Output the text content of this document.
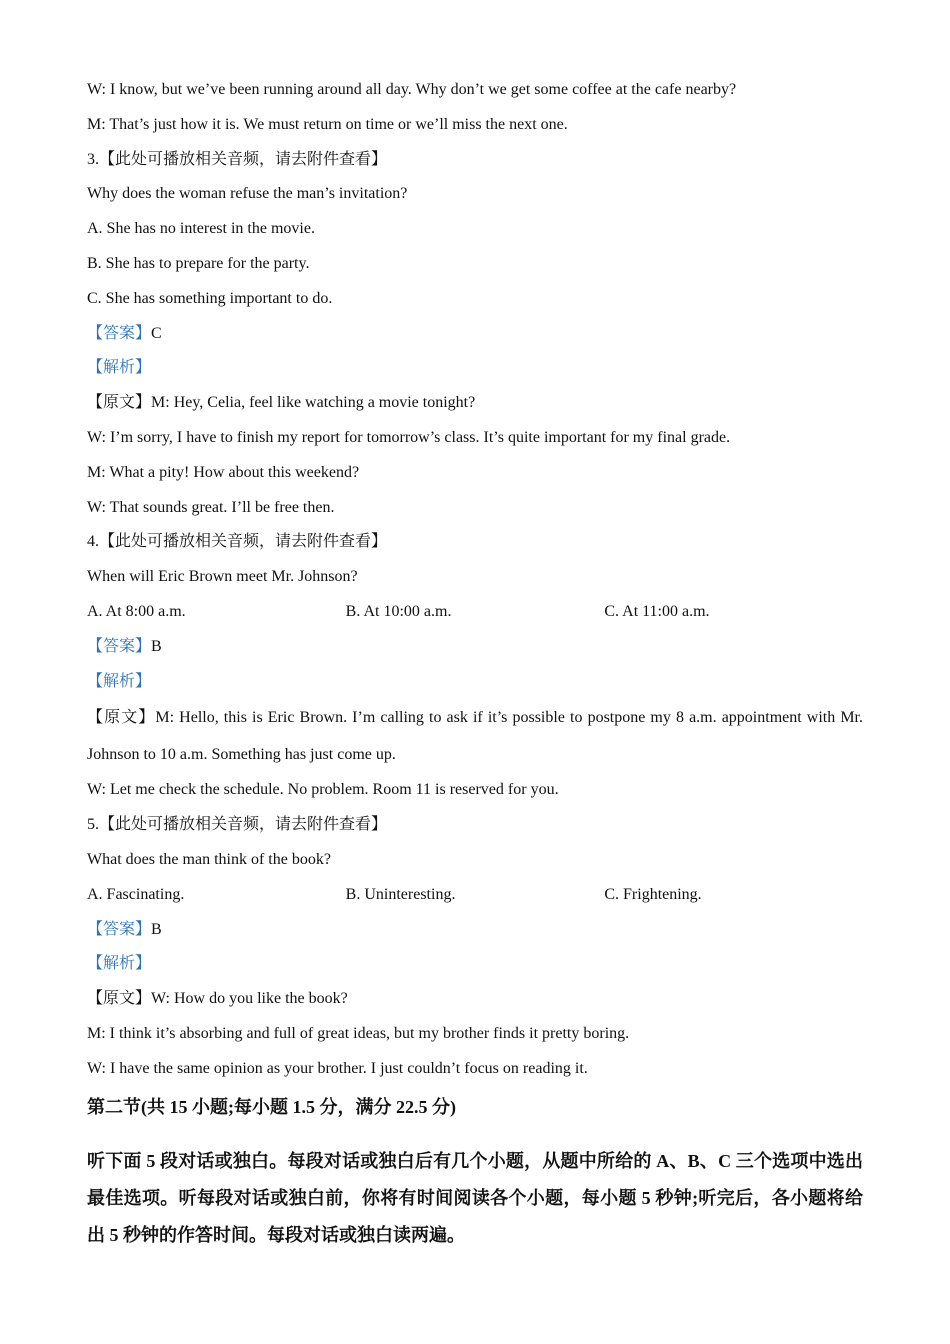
W: I know, but we’ve been running around all day. Why don’t we get some coffee at the cafe nearby?

M: That’s just how it is. We must return on time or we’ll miss the next one.

3.【此处可播放相关音频，请去附件查看】

Why does the woman refuse the man’s invitation?

A. She has no interest in the movie.

B. She has to prepare for the party.

C. She has something important to do.

【答案】C

【解析】

【原文】M: Hey, Celia, feel like watching a movie tonight?

W: I’m sorry, I have to finish my report for tomorrow’s class. It’s quite important for my final grade.

M: What a pity! How about this weekend?

W: That sounds great. I’ll be free then.

4.【此处可播放相关音频，请去附件查看】

When will Eric Brown meet Mr. Johnson?

A. At 8:00 a.m.	B. At 10:00 a.m.	C. At 11:00 a.m.

【答案】B

【解析】

【原文】M: Hello, this is Eric Brown. I’m calling to ask if it’s possible to postpone my 8 a.m. appointment with Mr. Johnson to 10 a.m. Something has just come up.

W: Let me check the schedule. No problem. Room 11 is reserved for you.

5.【此处可播放相关音频，请去附件查看】

What does the man think of the book?

A. Fascinating.	B. Uninteresting.	C. Frightening.

【答案】B

【解析】

【原文】W: How do you like the book?

M: I think it’s absorbing and full of great ideas, but my brother finds it pretty boring.

W: I have the same opinion as your brother. I just couldn’t focus on reading it.

第二节(共 15 小题;每小题 1.5 分，满分 22.5 分)

听下面 5 段对话或独白。每段对话或独白后有几个小题，从题中所给的 A、B、C 三个选项中选出最佳选项。听每段对话或独白前，你将有时间阅读各个小题，每小题 5 秒钟;听完后，各小题将给出 5 秒钟的作答时间。每段对话或独白读两遍。
